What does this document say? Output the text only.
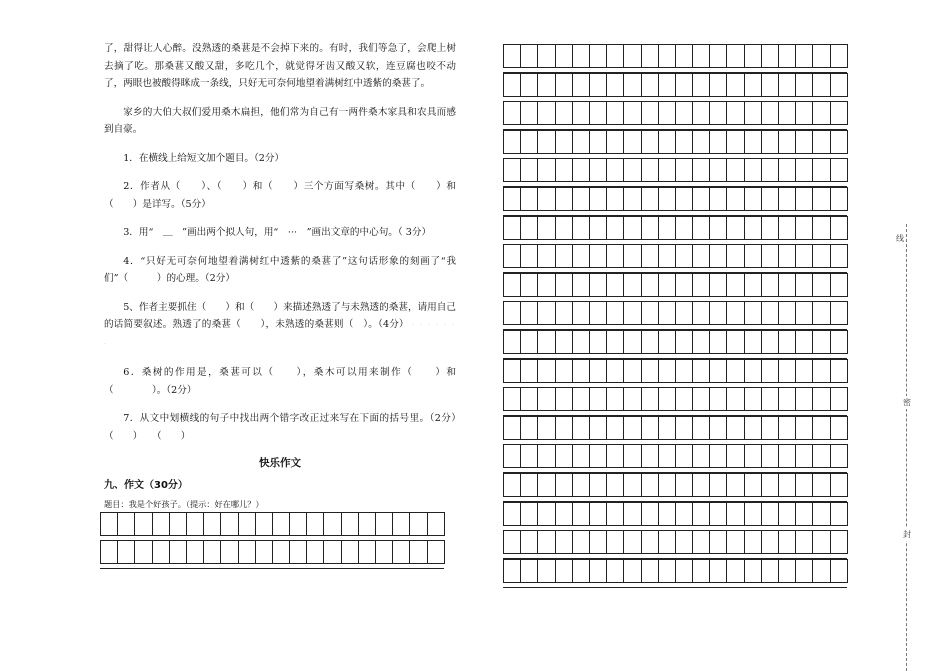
了，甜得让人心醉。没熟透的桑葚是不会掉下来的。有时，我们等急了，会爬上树去摘了吃。那桑葚又酸又甜，多吃几个，就觉得牙齿又酸又软，连豆腐也咬不动了，两眼也被酸得眯成一条线，只好无可奈何地望着满树红中透紫的桑葚了。

家乡的大伯大叔们爱用桑木扁担，他们常为自己有一两件桑木家具和农具而感到自豪。

1．在横线上给短文加个题目。（2分）

2．作者从（　　）、（　　）和（　　）三个方面写桑树。其中（　　）和（　　）是详写。（5分）

3．用“　＿　”画出两个拟人句，用“　···　”画出文章的中心句。（ 3分）

4．“只好无可奈何地望着满树红中透紫的桑葚了”这句话形象的刻画了“我们”（　　　）的心理。（2分）

5、作者主要抓住（　　）和（　　）来描述熟透了与未熟透的桑葚，请用自己的话简要叙述。熟透了的桑葚（　　），未熟透的桑葚则（　）。（4分） · · · · · · ·

6．桑树的作用是，桑葚可以（　　），桑木可以用来制作（　　）和（　　　　）。（2分）

7．从文中划横线的句子中找出两个错字改正过来写在下面的括号里。（2分）　（　　）　　（　　）

快乐作文
九、作文（30分）
题目：我是个好孩子。（提示：好在哪儿？）
线
密
封
